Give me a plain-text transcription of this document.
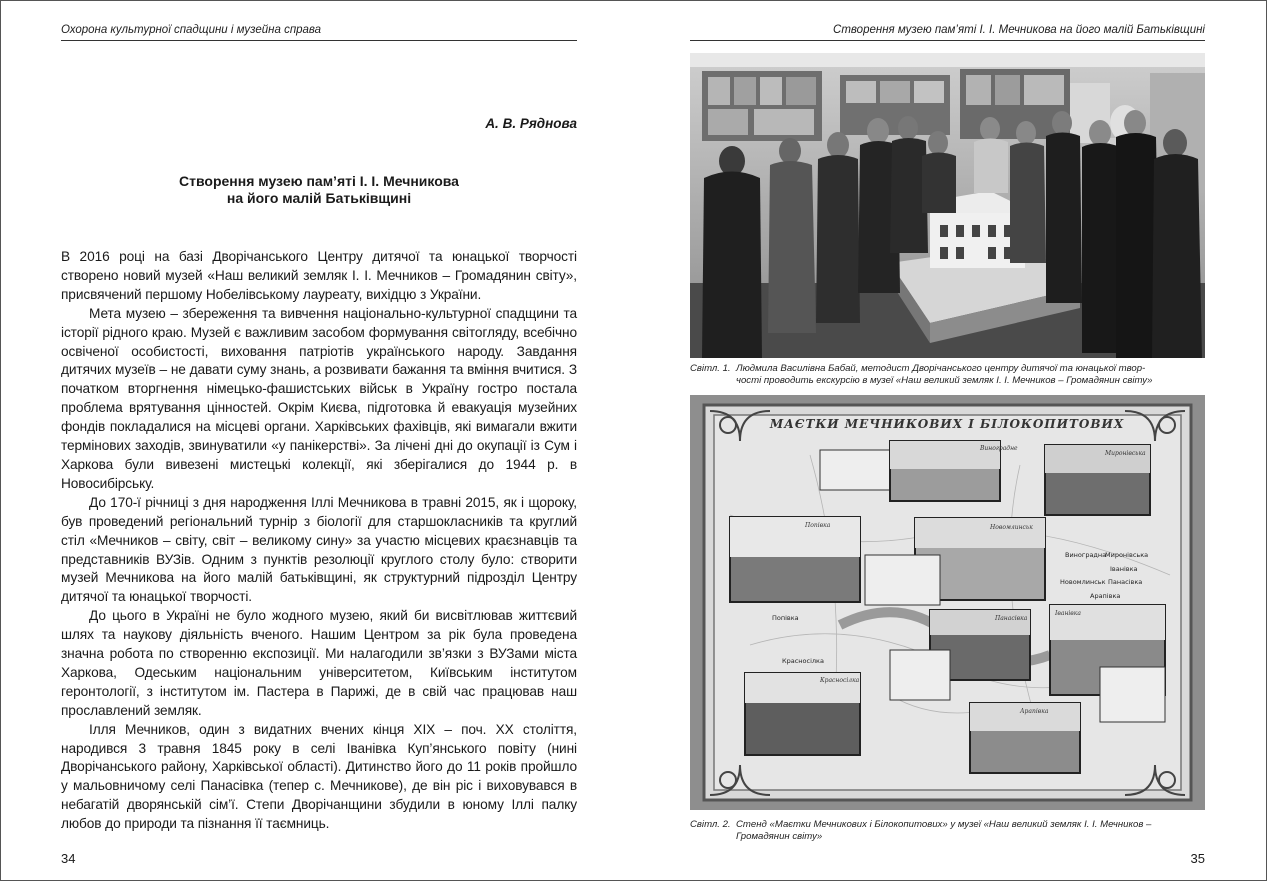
Охорона культурної спадщини і музейна справа
А. В. Ряднова
Створення музею пам’яті І. І. Мечникова
на його малій Батьківщині

В 2016 році на базі Дворічанського Центру дитячої та юнацької творчості створено новий музей «Наш великий земляк І. І. Мечников – Громадянин світу», присвячений першому Нобелівському лауреату, вихідцю з України.

Мета музею – збереження та вивчення національно-культурної спадщини та історії рідного краю. Музей є важливим засобом формування світогляду, всебічно освіченої особистості, виховання патріотів українського народу. Завдання дитячих музеїв – не давати суму знань, а розвивати бажання та вміння вчитися. З початком вторгнення німецько-фашистських військ в Україну гостро постала проблема врятування цінностей. Окрім Києва, підготовка й евакуація музейних фондів покладалися на місцеві органи. Харківських фахівців, які вимагали вжити термінових заходів, звинуватили «у панікерстві». За лічені дні до окупації із Сум і Харкова були вивезені мистецькі колекції, які зберігалися до 1944 р. в Новосибірську.

До 170-ї річниці з дня народження Іллі Мечникова в травні 2015, як і щороку, був проведений регіональний турнір з біології для старшокласників та круглий стіл «Мечников – світу, світ – великому сину» за участю місцевих краєзнавців та представників ВУЗів. Одним з пунктів резолюції круглого столу було: створити музей Мечникова на його малій батьківщині, як структурний підрозділ Центру дитячої та юнацької творчості.

До цього в Україні не було жодного музею, який би висвітлював життєвий шлях та наукову діяльність вченого. Нашим Центром за рік була проведена значна робота по створенню експозиції. Ми налагодили зв’язки з ВУЗами міста Харкова, Одеським національним університетом, Київським інститутом геронтології, з інститутом ім. Пастера в Парижі, де в свій час працював наш прославлений земляк.

Ілля Мечников, один з видатних вчених кінця ХІХ – поч. ХХ століття, народився 3 травня 1845 року в селі Іванівка Куп’янського повіту (нині Дворічанського району, Харківської області). Дитинство його до 11 років пройшло у мальовничому селі Панасівка (тепер с. Мечникове), де він ріс і виховувався в небагатій дворянській сім’ї. Степи Дворічанщини збудили в юному Іллі палку любов до природи та пізнання її таємниць.

34
Створення музею пам’яті І. І. Мечникова на його малій Батьківщині
35
Світл. 1. Людмила Василівна Бабай, методист Дворічанського центру дитячої та юнацької твор-
чості проводить екскурсію в музеї «Наш великий земляк І. І. Мечников – Громадянин світу»
МАЄТКИ МЕЧНИКОВИХ І БІЛОКОПИТОВИХ
Виноградне
Миронівська
Попівка	Новомлинськ
Панасівка
Іванівка
Красносілка
Арапівка
Виноградна
Миронівська
Іванівка
Новомлинськ Панасівка
Арапівка
Попівка
Красносілка
Світл. 2. Стенд «Маєтки Мечникових і Білокопитових» у музеї «Наш великий земляк І. І. Мечников –
Громадянин світу»
